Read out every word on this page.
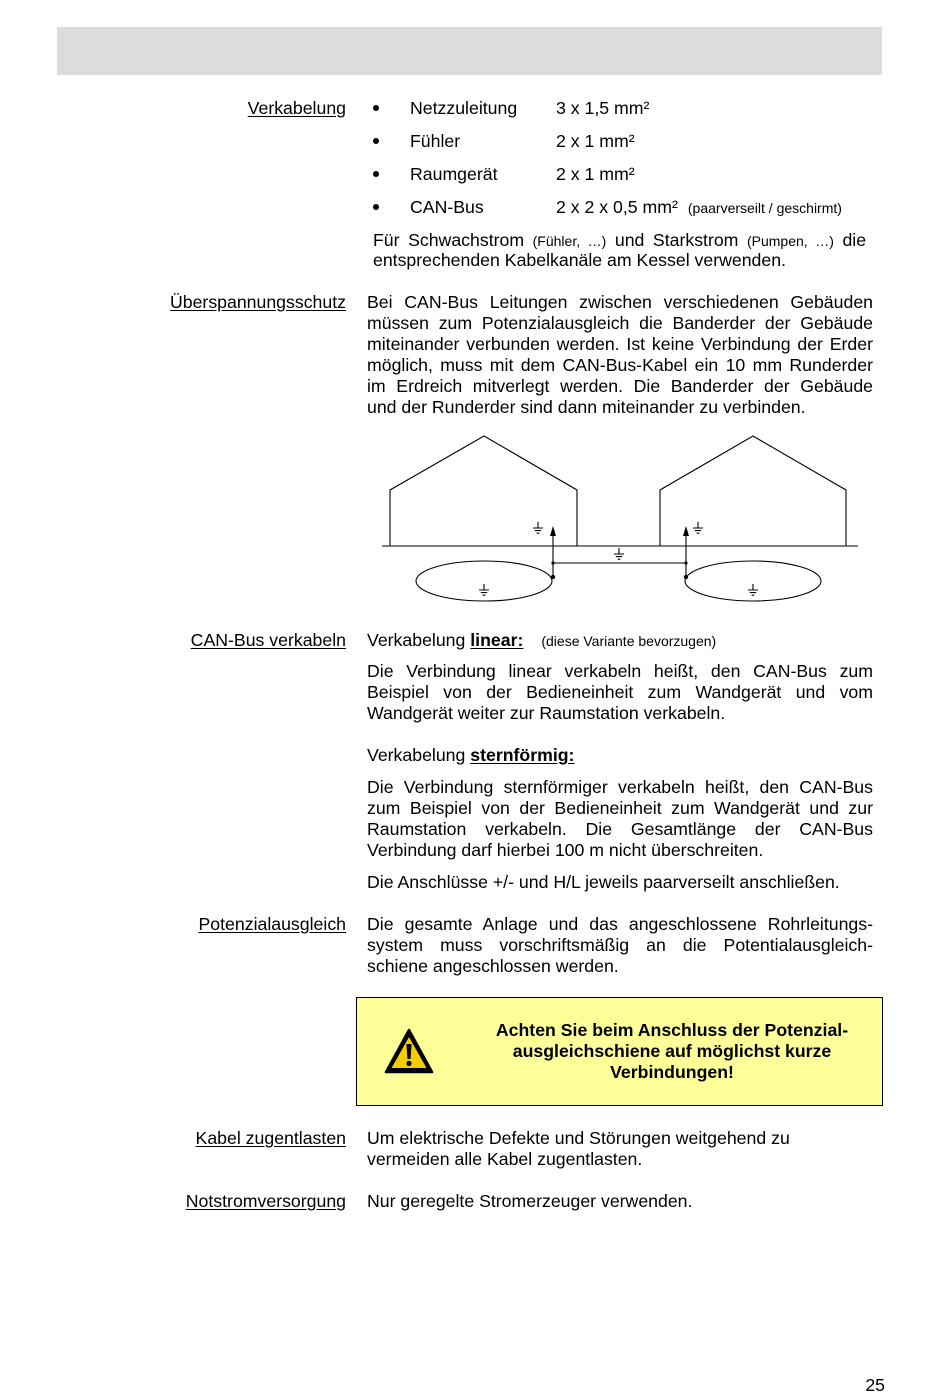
Verkabelung	Netzzuleitung 3 x 1,5 mm²
Fühler	2 x 1 mm²
Raumgerät	2 x 1 mm²
CAN-Bus	2 x 2 x 0,5 mm² (paarverseilt / geschirmt)
Für Schwachstrom (Fühler, …) und Starkstrom (Pumpen, …) die
entsprechenden Kabelkanäle am Kessel verwenden.
Überspannungsschutz Bei CAN-Bus Leitungen zwischen verschiedenen Gebäuden
müssen zum Potenzialausgleich die Banderder der Gebäude
miteinander verbunden werden. Ist keine Verbindung der Erder
möglich, muss mit dem CAN-Bus-Kabel ein 10 mm Runderder
im Erdreich mitverlegt werden. Die Banderder der Gebäude
und der Runderder sind dann miteinander zu verbinden.
CAN-Bus verkabeln Verkabelung linear: (diese Variante bevorzugen)
Die Verbindung linear verkabeln heißt, den CAN-Bus zum
Beispiel von der Bedieneinheit zum Wandgerät und vom
Wandgerät weiter zur Raumstation verkabeln.
Verkabelung sternförmig:
Die Verbindung sternförmiger verkabeln heißt, den CAN-Bus
zum Beispiel von der Bedieneinheit zum Wandgerät und zur
Raumstation verkabeln. Die Gesamtlänge der CAN-Bus
Verbindung darf hierbei 100 m nicht überschreiten.
Die Anschlüsse +/- und H/L jeweils paarverseilt anschließen.
Potenzialausgleich Die gesamte Anlage und das angeschlossene Rohrleitungs-
system muss vorschriftsmäßig an die Potentialausgleich-
schiene angeschlossen werden.
Achten Sie beim Anschluss der Potenzial-
ausgleichschiene auf möglichst kurze
Verbindungen!
Kabel zugentlasten Um elektrische Defekte und Störungen weitgehend zu
vermeiden alle Kabel zugentlasten.
Notstromversorgung Nur geregelte Stromerzeuger verwenden.
25
